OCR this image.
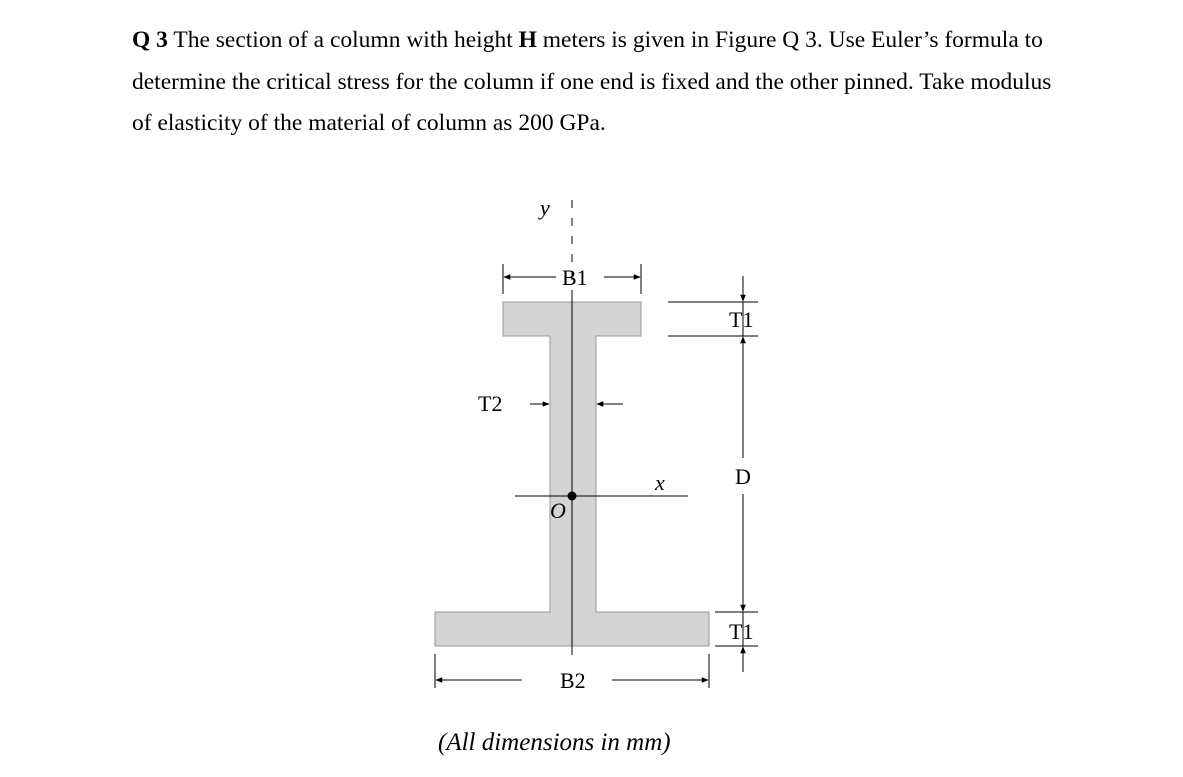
Q 3 The section of a column with height H meters is given in Figure Q 3. Use Euler’s formula to determine the critical stress for the column if one end is fixed and the other pinned. Take modulus of elasticity of the material of column as 200 GPa.
y
x
O
B1
B2
T2
T1
D
T1
(All dimensions in mm)
